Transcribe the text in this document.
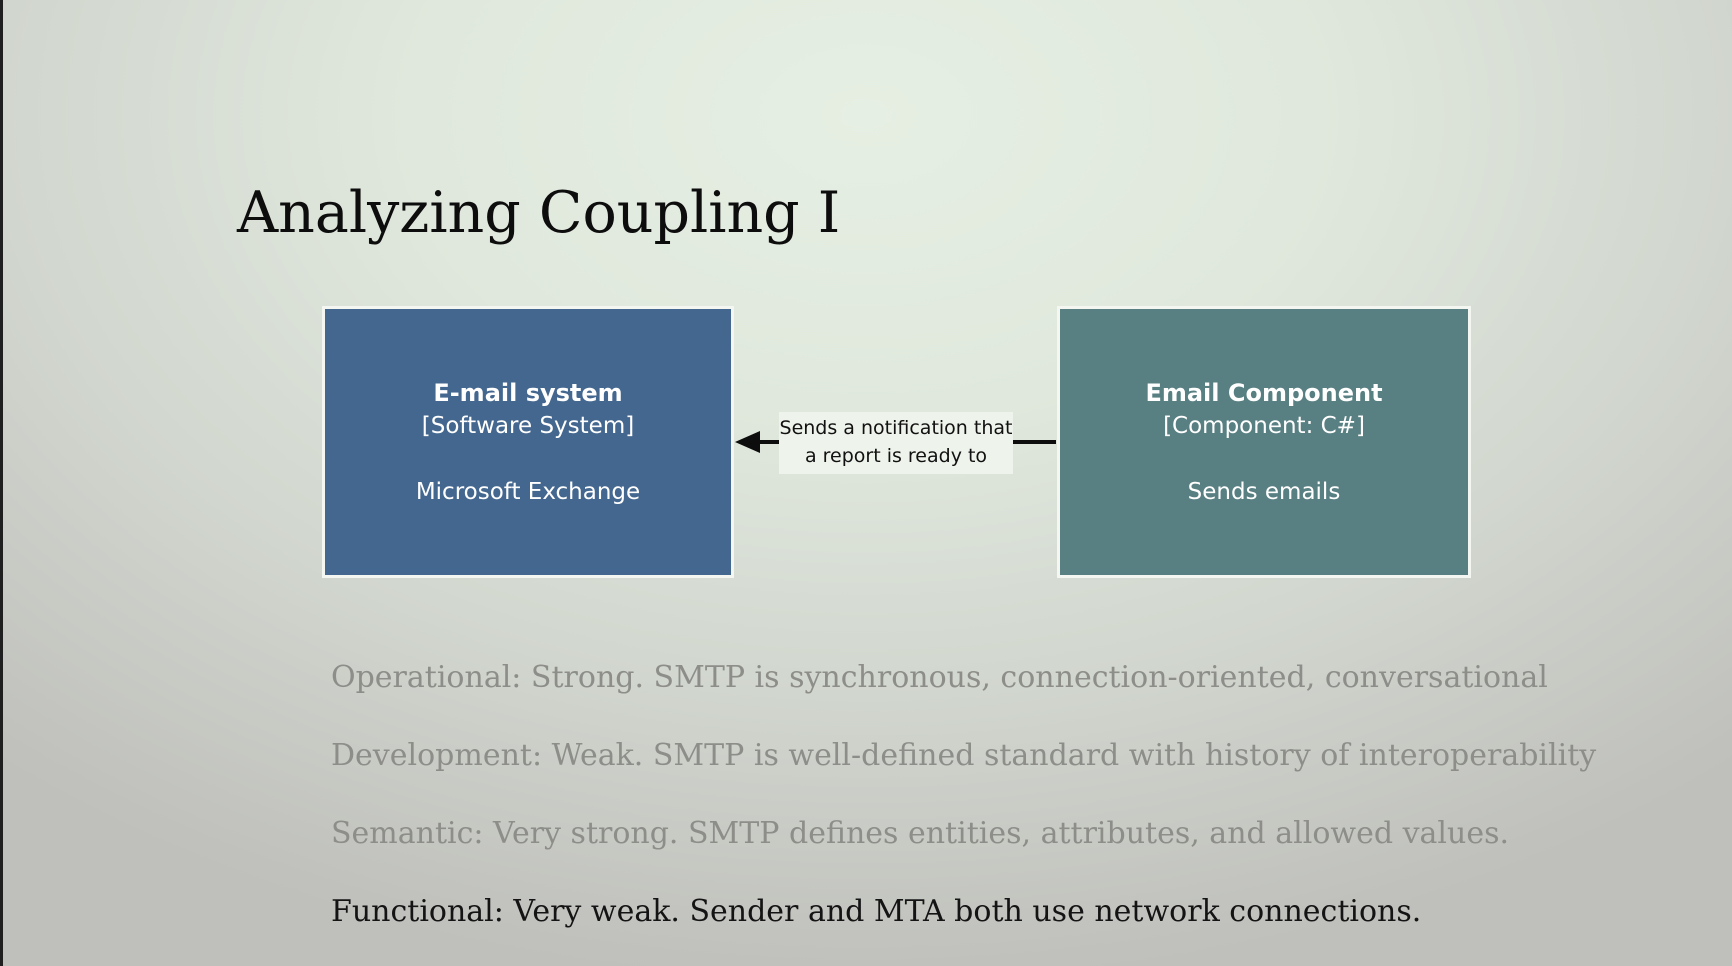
Analyzing Coupling I
E-mail system
[Software System]
Microsoft Exchange
Sends a notification that
a report is ready to
Email Component
[Component: C#]
Sends emails
Operational: Strong. SMTP is synchronous, connection-oriented, conversational
Development: Weak. SMTP is well-defined standard with history of interoperability
Semantic: Very strong. SMTP defines entities, attributes, and allowed values.
Functional: Very weak. Sender and MTA both use network connections.
